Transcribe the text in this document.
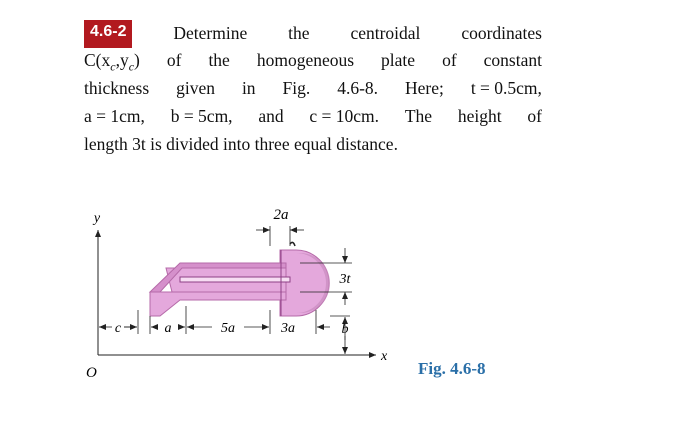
4.6-2	Determine the centroidal coordinates
$C(x_c,y_c)$ of the homogeneous plate of constant
thickness given in Fig. 4.6-8. Here; t = 0.5cm,
a = 1cm, b = 5cm, and c = 10cm. The height of
length 3t is divided into three equal distance.
y
x
O
2a
3t
b
c	a	5a	3a
Fig. 4.6-8
